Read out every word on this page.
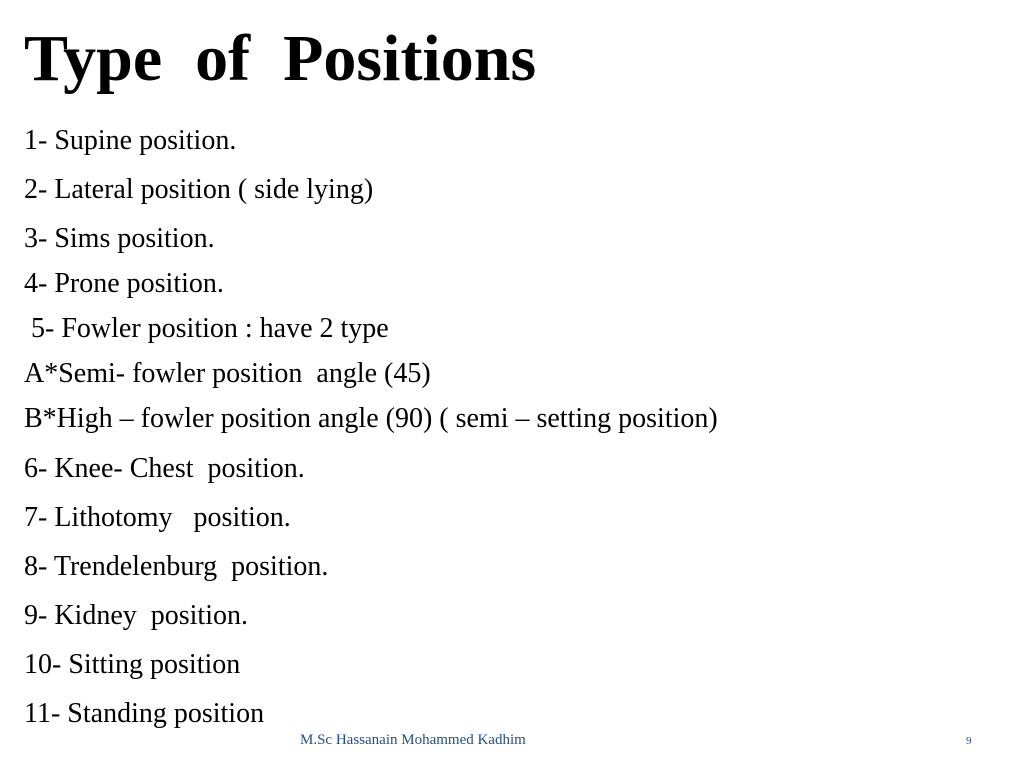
Type  of  Positions
1- Supine position.
2- Lateral position ( side lying)
3- Sims position.
4- Prone position.
5- Fowler position : have 2 type
A*Semi- fowler position  angle (45)
B*High – fowler position angle (90) ( semi – setting position)
6- Knee- Chest  position.
7- Lithotomy   position.
8- Trendelenburg  position.
9- Kidney  position.
10- Sitting position
11- Standing position
M.Sc Hassanain Mohammed Kadhim	9
